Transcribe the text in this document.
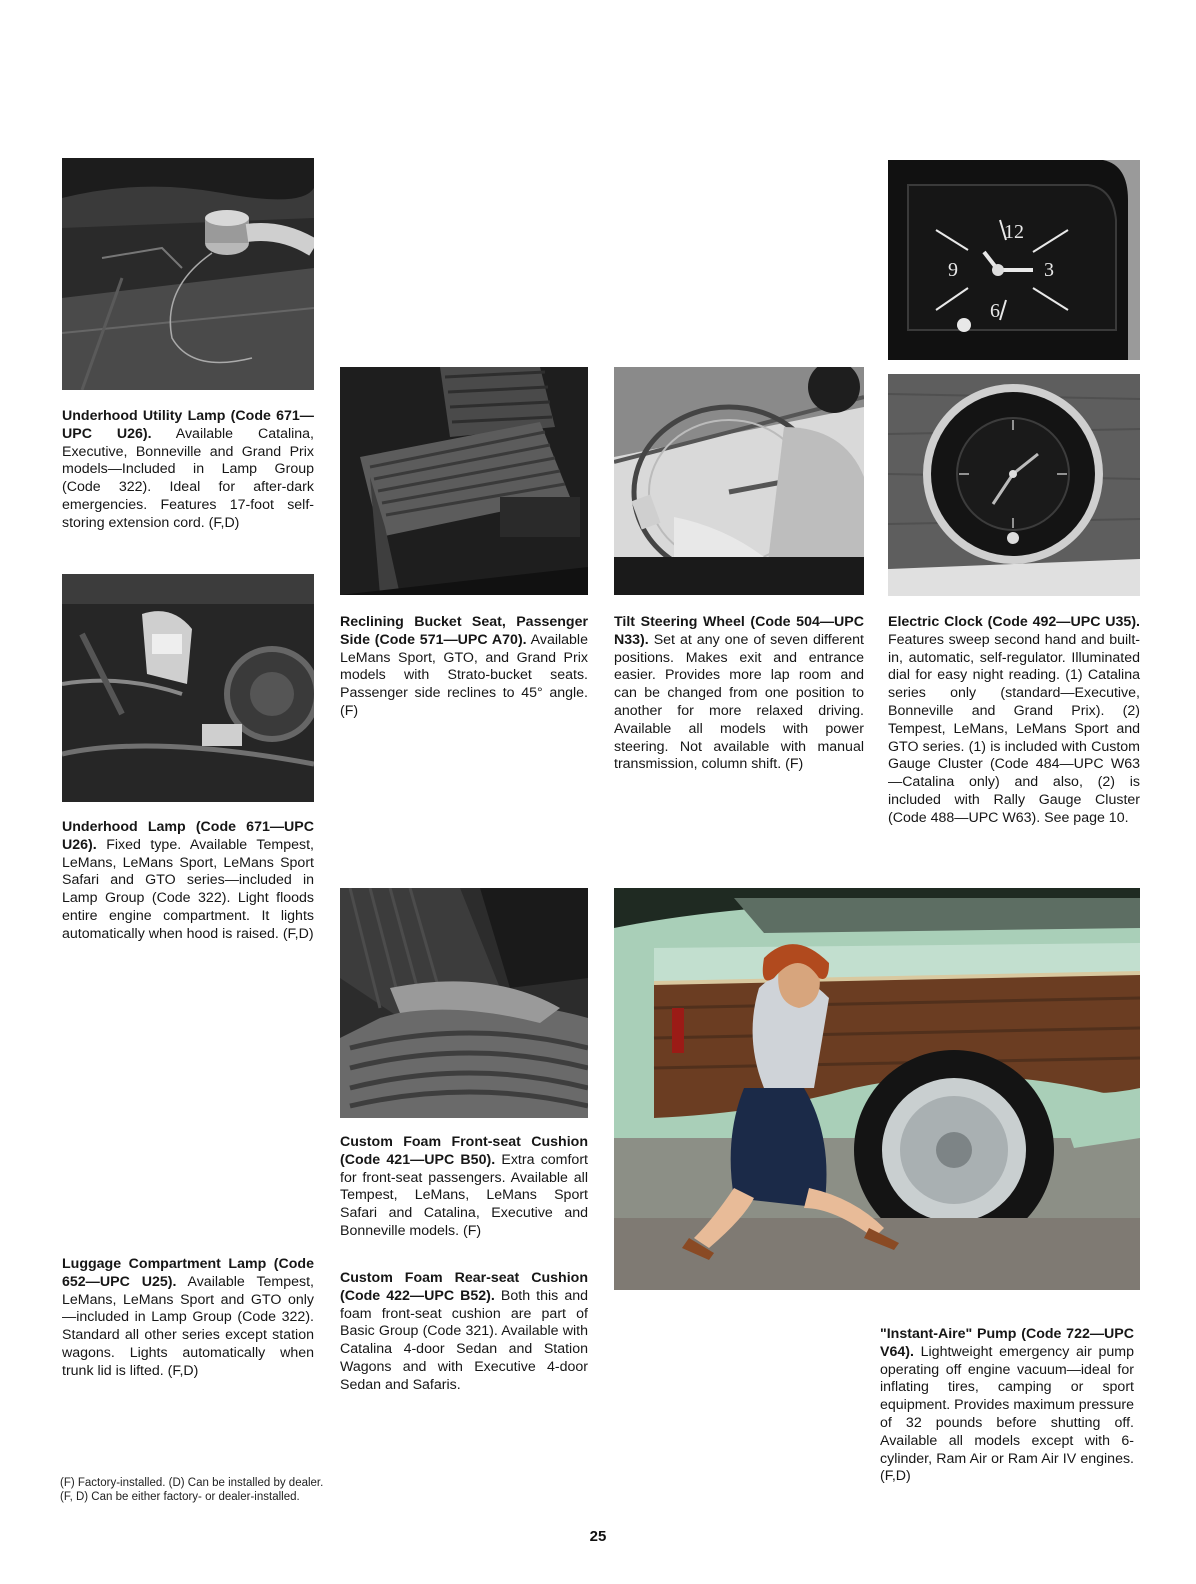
12
3
6
9
Underhood Utility Lamp (Code 671—UPC U26). Available Catalina, Executive, Bonneville and Grand Prix models—Included in Lamp Group (Code 322). Ideal for after-dark emergencies. Features 17-foot self-storing extension cord. (F,D)
Underhood Lamp (Code 671—UPC U26). Fixed type. Available Tempest, LeMans, LeMans Sport, LeMans Sport Safari and GTO series—included in Lamp Group (Code 322). Light floods entire engine compartment. It lights automatically when hood is raised. (F,D)
Luggage Compartment Lamp (Code 652—UPC U25). Available Tempest, LeMans, LeMans Sport and GTO only—included in Lamp Group (Code 322). Standard all other series except station wagons. Lights automatically when trunk lid is lifted. (F,D)
Reclining Bucket Seat, Passenger Side (Code 571—UPC A70). Available LeMans Sport, GTO, and Grand Prix models with Strato-bucket seats. Passenger side reclines to 45° angle. (F)
Custom Foam Front-seat Cushion (Code 421—UPC B50). Extra comfort for front-seat passengers. Available all Tempest, LeMans, LeMans Sport Safari and Catalina, Executive and Bonneville models. (F)
Custom Foam Rear-seat Cushion (Code 422—UPC B52). Both this and foam front-seat cushion are part of Basic Group (Code 321). Available with Catalina 4-door Sedan and Station Wagons and with Executive 4-door Sedan and Safaris.
Tilt Steering Wheel (Code 504—UPC N33). Set at any one of seven different positions. Makes exit and entrance easier. Provides more lap room and can be changed from one position to another for more relaxed driving. Available all models with power steering. Not available with manual transmission, column shift. (F)
Electric Clock (Code 492—UPC U35). Features sweep second hand and built-in, automatic, self-regulator. Illuminated dial for easy night reading. (1) Catalina series only (standard—Executive, Bonneville and Grand Prix). (2) Tempest, LeMans, LeMans Sport and GTO series. (1) is included with Custom Gauge Cluster (Code 484—UPC W63—Catalina only) and also, (2) is included with Rally Gauge Cluster (Code 488—UPC W63). See page 10.
"Instant-Aire" Pump (Code 722—UPC V64). Lightweight emergency air pump operating off engine vacuum—ideal for inflating tires, camping or sport equipment. Provides maximum pressure of 32 pounds before shutting off. Available all models except with 6-cylinder, Ram Air or Ram Air IV engines. (F,D)
(F) Factory-installed. (D) Can be installed by dealer.
(F, D) Can be either factory- or dealer-installed.
25
